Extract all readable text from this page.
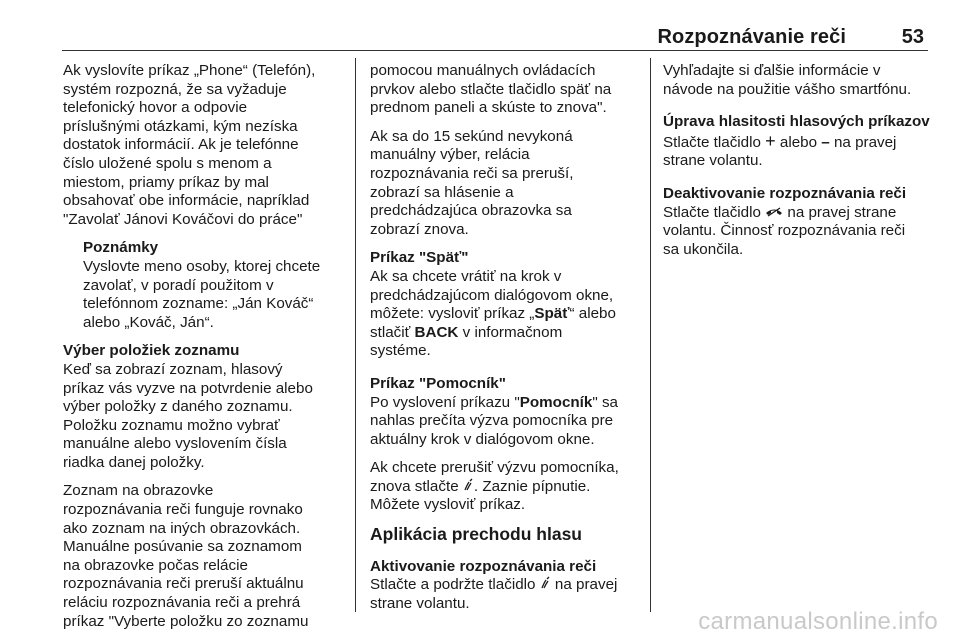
Rozpoznávanie reči	53

Ak vyslovíte príkaz „Phone“ (Telefón),
systém rozpozná, že sa vyžaduje
telefonický hovor a odpovie
príslušnými otázkami, kým nezíska
dostatok informácií. Ak je telefónne
číslo uložené spolu s menom a
miestom, priamy príkaz by mal
obsahovať obe informácie, napríklad
"Zavolať Jánovi Kováčovi do práce"

Poznámky
Vyslovte meno osoby, ktorej chcete
zavolať, v poradí použitom v
telefónnom zozname: „Ján Kováč“
alebo „Kováč, Ján“.

Výber položiek zoznamu
Keď sa zobrazí zoznam, hlasový
príkaz vás vyzve na potvrdenie alebo
výber položky z daného zoznamu.
Položku zoznamu možno vybrať
manuálne alebo vyslovením čísla
riadka danej položky.

Zoznam na obrazovke
rozpoznávania reči funguje rovnako
ako zoznam na iných obrazovkách.
Manuálne posúvanie sa zoznamom
na obrazovke počas relácie
rozpoznávania reči preruší aktuálnu
reláciu rozpoznávania reči a prehrá
príkaz "Vyberte položku zo zoznamu

pomocou manuálnych ovládacích
prvkov alebo stlačte tlačidlo späť na
prednom paneli a skúste to znova".

Ak sa do 15 sekúnd nevykoná
manuálny výber, relácia
rozpoznávania reči sa preruší,
zobrazí sa hlásenie a
predchádzajúca obrazovka sa
zobrazí znova.

Príkaz "Späť"
Ak sa chcete vrátiť na krok v
predchádzajúcom dialógovom okne,
môžete: vysloviť príkaz „Späť“ alebo
stlačiť BACK v informačnom
systéme.

Príkaz "Pomocník"
Po vyslovení príkazu "Pomocník" sa
nahlas prečíta výzva pomocníka pre
aktuálny krok v dialógovom okne.

Ak chcete prerušiť výzvu pomocníka,
znova stlačte . Zaznie pípnutie.
Môžete vysloviť príkaz.

Aplikácia prechodu hlasu

Aktivovanie rozpoznávania reči
Stlačte a podržte tlačidlo  na pravej
strane volantu.

Vyhľadajte si ďalšie informácie v
návode na použitie vášho smartfónu.

Úprava hlasitosti hlasových príkazov
Stlačte tlačidlo + alebo – na pravej
strane volantu.

Deaktivovanie rozpoznávania reči
Stlačte tlačidlo  na pravej strane
volantu. Činnosť rozpoznávania reči
sa ukončila.

carmanualsonline.info
